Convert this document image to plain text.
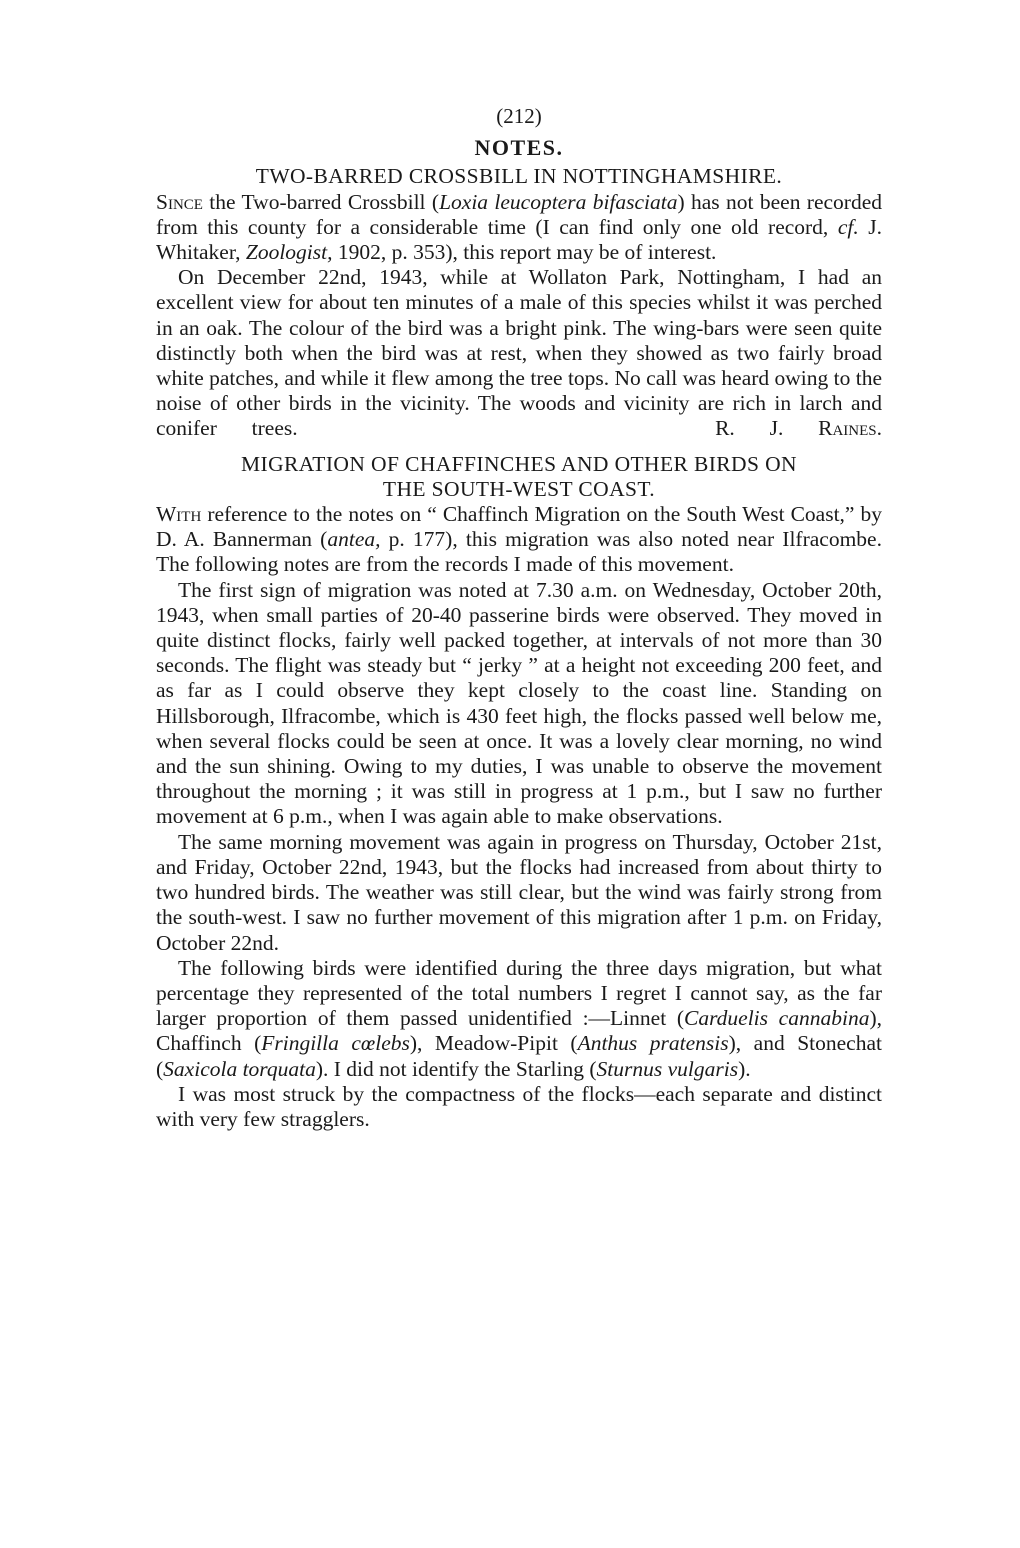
(212)
NOTES.
TWO-BARRED CROSSBILL IN NOTTINGHAMSHIRE.

Since the Two-barred Crossbill (Loxia leucoptera bifasciata) has not been recorded from this county for a considerable time (I can find only one old record, cf. J. Whitaker, Zoologist, 1902, p. 353), this report may be of interest.

On December 22nd, 1943, while at Wollaton Park, Nottingham, I had an excellent view for about ten minutes of a male of this species whilst it was perched in an oak. The colour of the bird was a bright pink. The wing-bars were seen quite distinctly both when the bird was at rest, when they showed as two fairly broad white patches, and while it flew among the tree tops. No call was heard owing to the noise of other birds in the vicinity. The woods and vicinity are rich in larch and conifer trees.	R. J. Raines.

MIGRATION OF CHAFFINCHES AND OTHER BIRDS ON
THE SOUTH-WEST COAST.

With reference to the notes on “ Chaffinch Migration on the South West Coast,” by D. A. Bannerman (antea, p. 177), this migration was also noted near Ilfracombe. The following notes are from the records I made of this movement.

The first sign of migration was noted at 7.30 a.m. on Wednesday, October 20th, 1943, when small parties of 20-40 passerine birds were observed. They moved in quite distinct flocks, fairly well packed together, at intervals of not more than 30 seconds. The flight was steady but “ jerky ” at a height not exceeding 200 feet, and as far as I could observe they kept closely to the coast line. Standing on Hillsborough, Ilfracombe, which is 430 feet high, the flocks passed well below me, when several flocks could be seen at once. It was a lovely clear morning, no wind and the sun shining. Owing to my duties, I was unable to observe the movement throughout the morning ; it was still in progress at 1 p.m., but I saw no further movement at 6 p.m., when I was again able to make observations.

The same morning movement was again in progress on Thursday, October 21st, and Friday, October 22nd, 1943, but the flocks had increased from about thirty to two hundred birds. The weather was still clear, but the wind was fairly strong from the south-west. I saw no further movement of this migration after 1 p.m. on Friday, October 22nd.

The following birds were identified during the three days migration, but what percentage they represented of the total numbers I regret I cannot say, as the far larger proportion of them passed unidentified :—Linnet (Carduelis cannabina), Chaffinch (Fringilla cœlebs), Meadow-Pipit (Anthus pratensis), and Stonechat (Saxicola torquata). I did not identify the Starling (Sturnus vulgaris).

I was most struck by the compactness of the flocks—each separate and distinct with very few stragglers.
